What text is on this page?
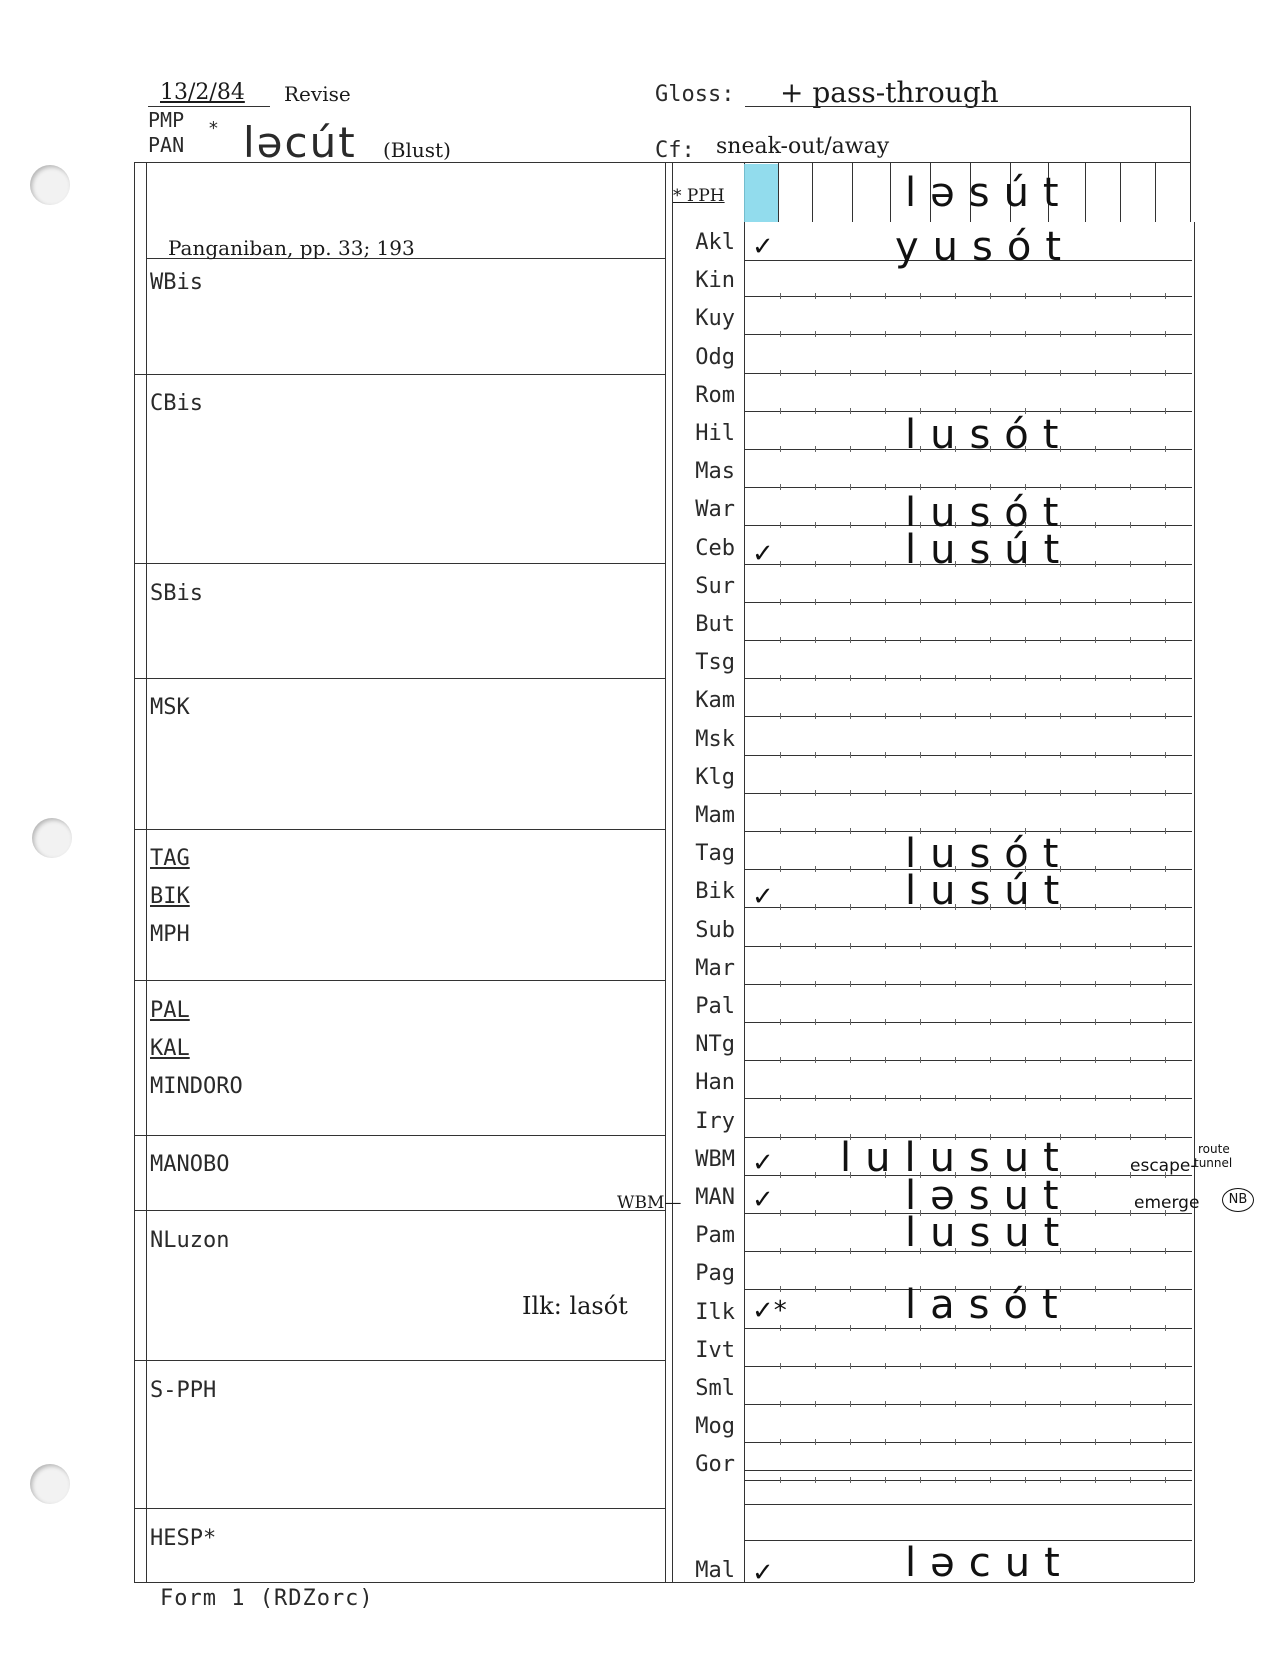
13/2/84 Revise
PMP
PAN
* ləcút (Blust)
Gloss: + pass-through
Cf: sneak-out/away
* PPH	ləsút
Panganiban, pp. 33; 193
WBis
CBis
SBis
MSK
TAG
BIK
MPH
PAL
KAL
MINDORO
MANOBO
NLuzon
S-PPH
HESP*
Ilk: lasót
WBM—
Akl
Kin
Kuy
Odg
Rom
Hil
Mas
War
Ceb
Sur
But
Tsg
Kam
Msk
Klg
Mam
Tag
Bik
Sub
Mar
Pal
NTg
Han
Iry
WBM
MAN
Pam
Pag
Ilk
Ivt
Sml
Mog
Gor
Mal
✓
✓
✓
✓
✓
✓*
✓
yusót
lusót
lusót
lusút
lusót
lusút
lulusut
ləsut
lusut
lasót
ləcut
escape-
route
tunnel
emerge	NB
Form 1 (RDZorc)
